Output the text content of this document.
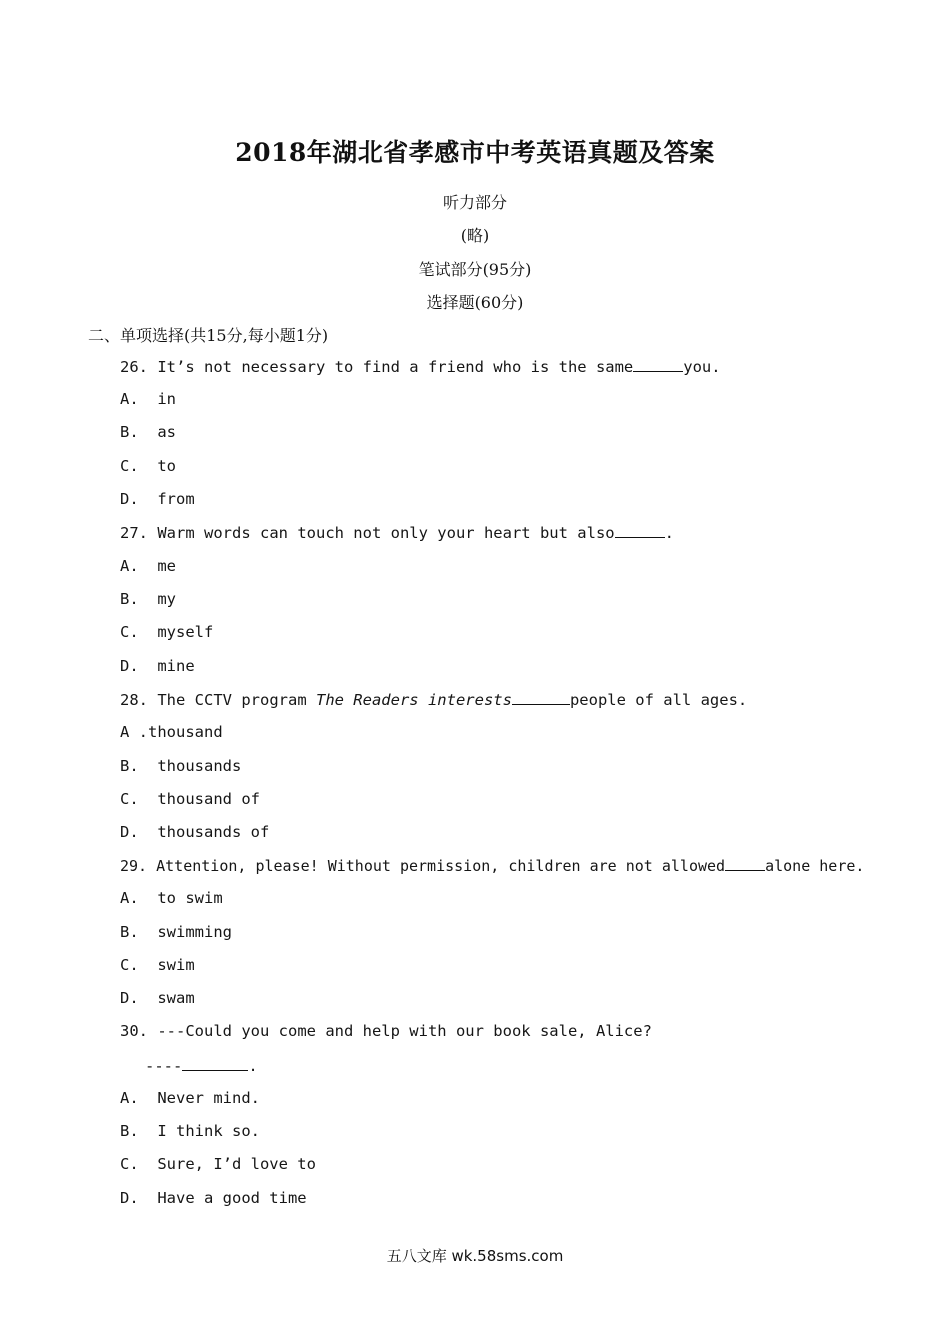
2018年湖北省孝感市中考英语真题及答案
听力部分
(略)
笔试部分(95分)
选择题(60分)
二、单项选择(共15分,每小题1分)
26. It’s not necessary to find a friend who is the same	you.
A.  in
B.  as
C.  to
D.  from
27. Warm words can touch not only your heart but also	.
A.  me
B.  my
C.  myself
D.  mine
28. The CCTV program The Readers interests	people of all ages.
A .thousand
B.  thousands
C.  thousand of
D.  thousands of
29. Attention, please! Without permission, children are not allowed	alone here.
A.  to swim
B.  swimming
C.  swim
D.  swam
30. ---Could you come and help with our book sale, Alice?
----	.
A.  Never mind.
B.  I think so.
C.  Sure, I’d love to
D.  Have a good time
五八文库 wk.58sms.com
